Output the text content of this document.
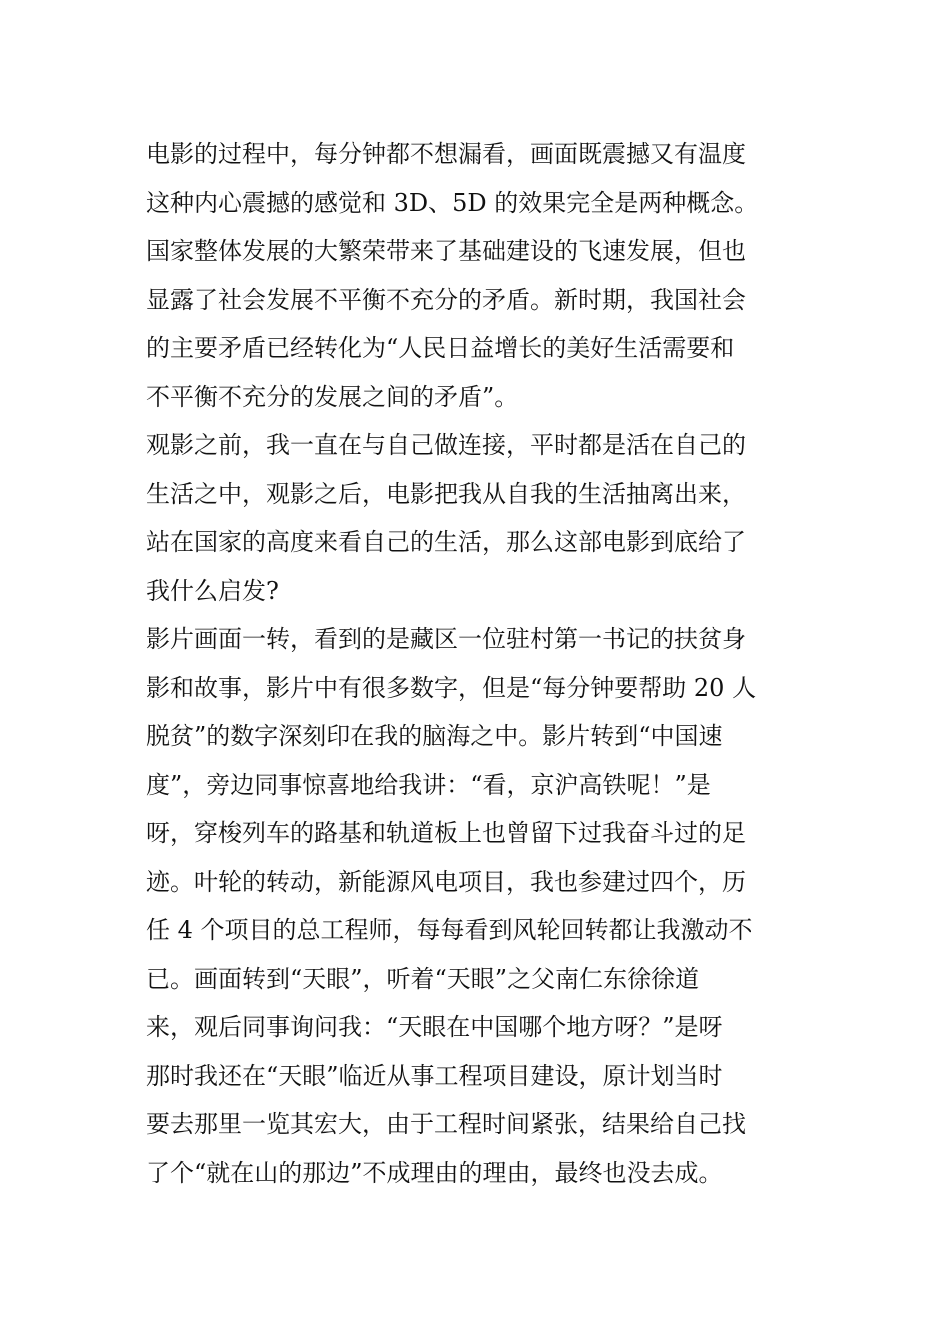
电影的过程中，每分钟都不想漏看，画面既震撼又有温度
这种内心震撼的感觉和 3D、5D 的效果完全是两种概念。
国家整体发展的大繁荣带来了基础建设的飞速发展，但也
显露了社会发展不平衡不充分的矛盾。新时期，我国社会
的主要矛盾已经转化为“人民日益增长的美好生活需要和
不平衡不充分的发展之间的矛盾”。
观影之前，我一直在与自己做连接，平时都是活在自己的
生活之中，观影之后，电影把我从自我的生活抽离出来，
站在国家的高度来看自己的生活，那么这部电影到底给了
我什么启发?
影片画面一转，看到的是藏区一位驻村第一书记的扶贫身
影和故事，影片中有很多数字，但是“每分钟要帮助 20 人
脱贫”的数字深刻印在我的脑海之中。影片转到“中国速
度”，旁边同事惊喜地给我讲：“看，京沪高铁呢！”是
呀，穿梭列车的路基和轨道板上也曾留下过我奋斗过的足
迹。叶轮的转动，新能源风电项目，我也参建过四个，历
任 4 个项目的总工程师，每每看到风轮回转都让我激动不
已。画面转到“天眼”，听着“天眼”之父南仁东徐徐道
来，观后同事询问我：“天眼在中国哪个地方呀？”是呀
那时我还在“天眼”临近从事工程项目建设，原计划当时
要去那里一览其宏大，由于工程时间紧张，结果给自己找
了个“就在山的那边”不成理由的理由，最终也没去成。
